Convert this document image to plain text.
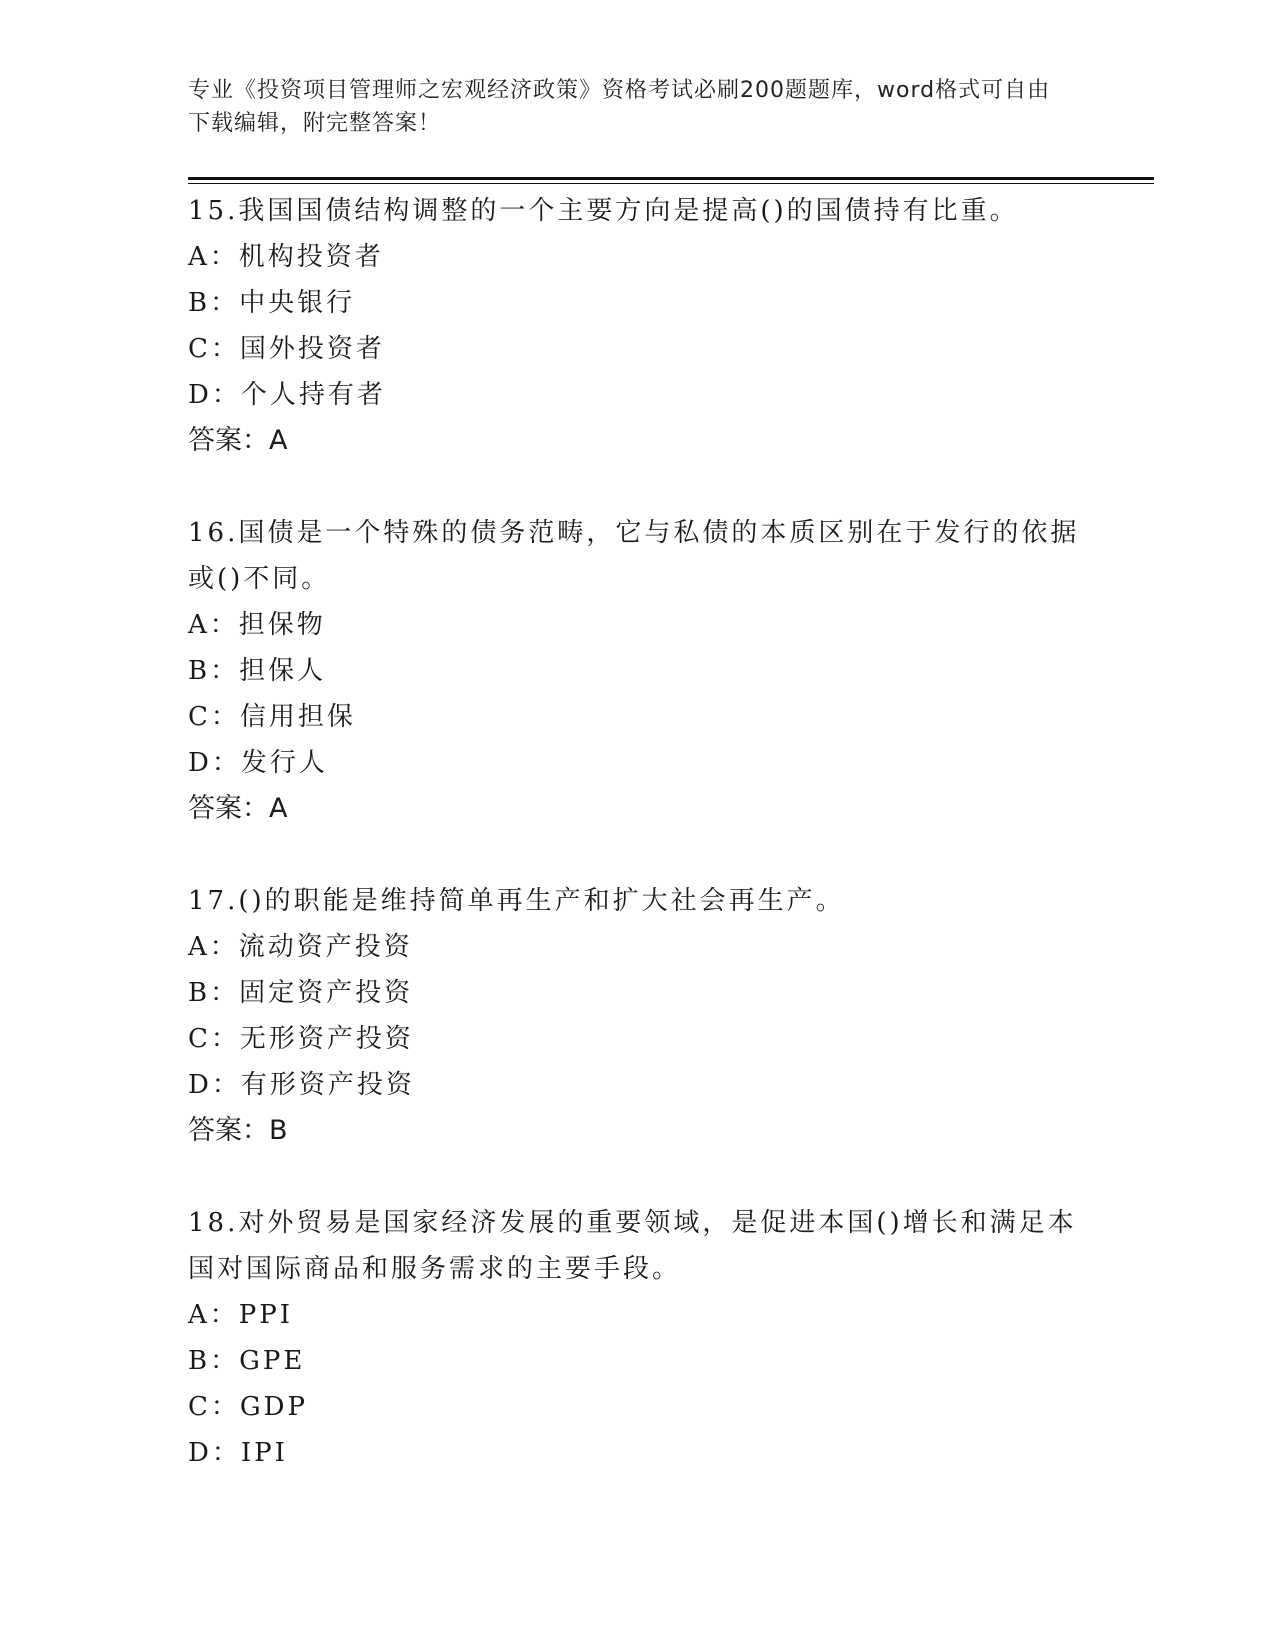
专业《投资项目管理师之宏观经济政策》资格考试必刷200题题库，word格式可自由下载编辑，附完整答案！

15.我国国债结构调整的一个主要方向是提高()的国债持有比重。

A：机构投资者

B：中央银行

C：国外投资者

D：个人持有者

答案：A

16.国债是一个特殊的债务范畴，它与私债的本质区别在于发行的依据或()不同。

A：担保物

B：担保人

C：信用担保

D：发行人

答案：A

17.()的职能是维持简单再生产和扩大社会再生产。

A：流动资产投资

B：固定资产投资

C：无形资产投资

D：有形资产投资

答案：B

18.对外贸易是国家经济发展的重要领域，是促进本国()增长和满足本国对国际商品和服务需求的主要手段。

A：PPI

B：GPE

C：GDP

D：IPI
